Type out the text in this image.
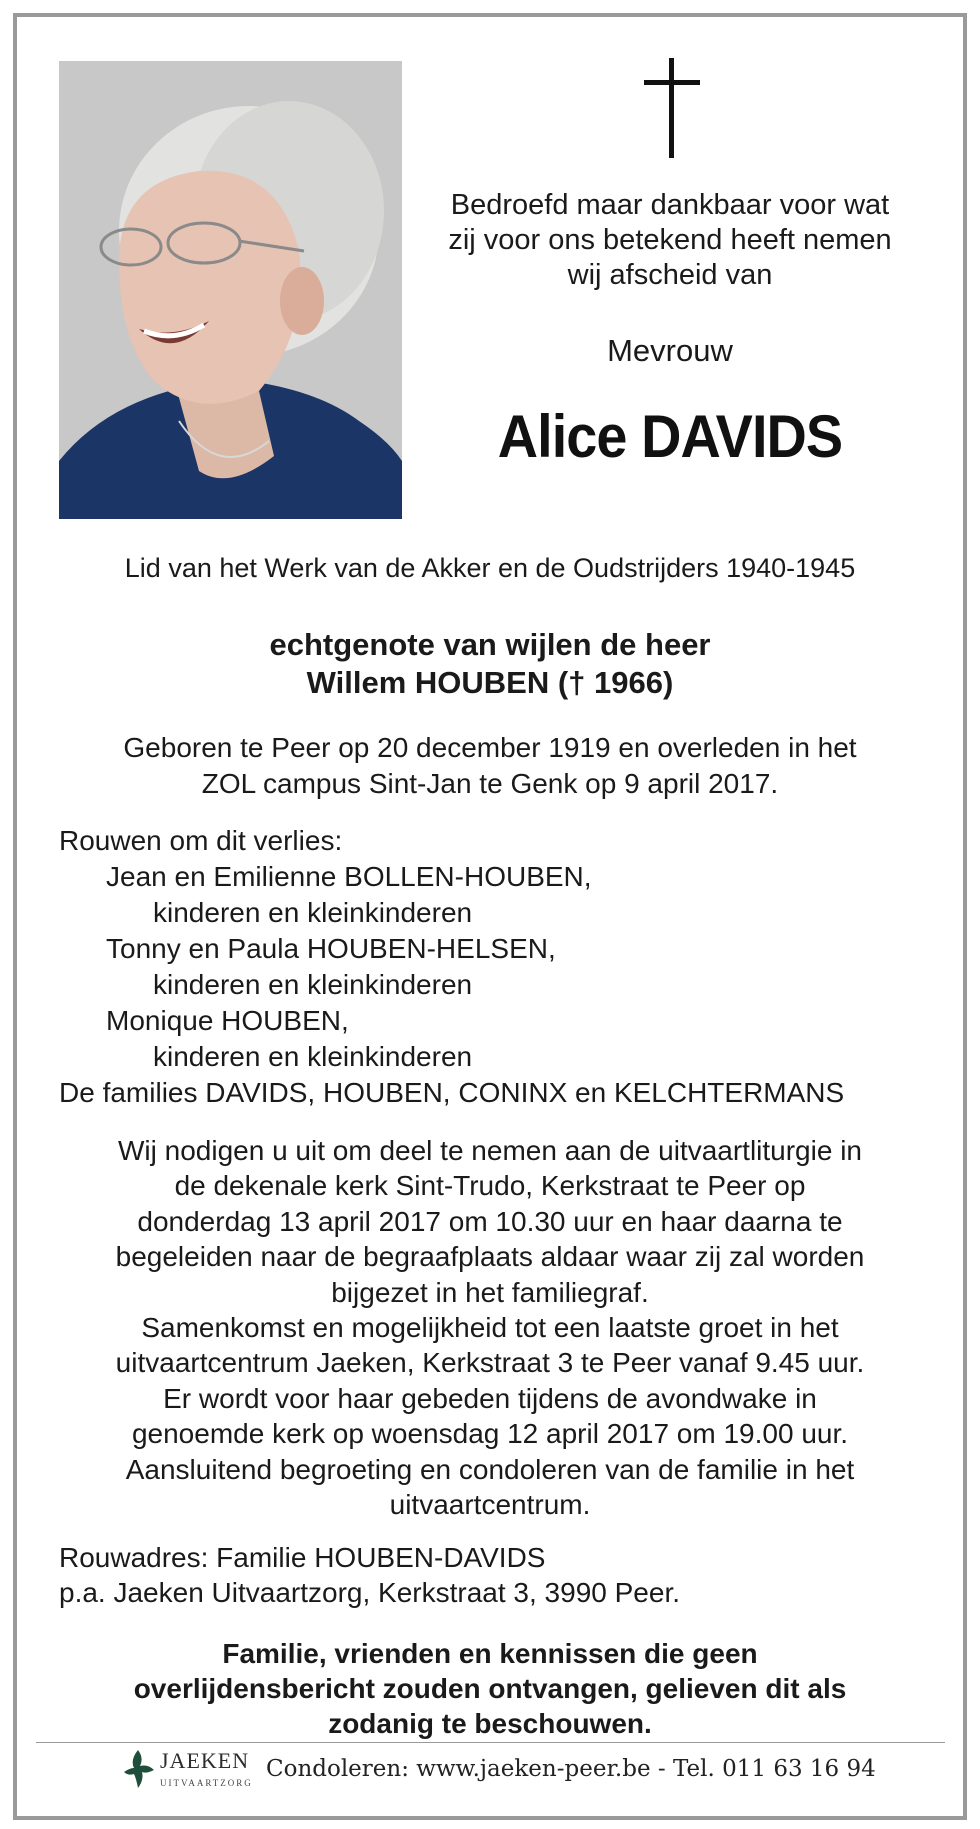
Bedroefd maar dankbaar voor wat
zij voor ons betekend heeft nemen
wij afscheid van
Mevrouw
Alice DAVIDS
Lid van het Werk van de Akker en de Oudstrijders 1940-1945
echtgenote van wijlen de heer
Willem HOUBEN († 1966)
Geboren te Peer op 20 december 1919 en overleden in het
ZOL campus Sint-Jan te Genk op 9 april 2017.
Rouwen om dit verlies:
Jean en Emilienne BOLLEN-HOUBEN,
kinderen en kleinkinderen
Tonny en Paula HOUBEN-HELSEN,
kinderen en kleinkinderen
Monique HOUBEN,
kinderen en kleinkinderen
De families DAVIDS, HOUBEN, CONINX en KELCHTERMANS
Wij nodigen u uit om deel te nemen aan de uitvaartliturgie in
de dekenale kerk Sint-Trudo, Kerkstraat te Peer op
donderdag 13 april 2017 om 10.30 uur en haar daarna te
begeleiden naar de begraafplaats aldaar waar zij zal worden
bijgezet in het familiegraf.
Samenkomst en mogelijkheid tot een laatste groet in het
uitvaartcentrum Jaeken, Kerkstraat 3 te Peer vanaf 9.45 uur.
Er wordt voor haar gebeden tijdens de avondwake in
genoemde kerk op woensdag 12 april 2017 om 19.00 uur.
Aansluitend begroeting en condoleren van de familie in het
uitvaartcentrum.
Rouwadres: Familie HOUBEN-DAVIDS
p.a. Jaeken Uitvaartzorg, Kerkstraat 3, 3990 Peer.
Familie, vrienden en kennissen die geen
overlijdensbericht zouden ontvangen, gelieven dit als
zodanig te beschouwen.
JAEKEN
UITVAARTZORG
Condoleren: www.jaeken-peer.be - Tel. 011 63 16 94
